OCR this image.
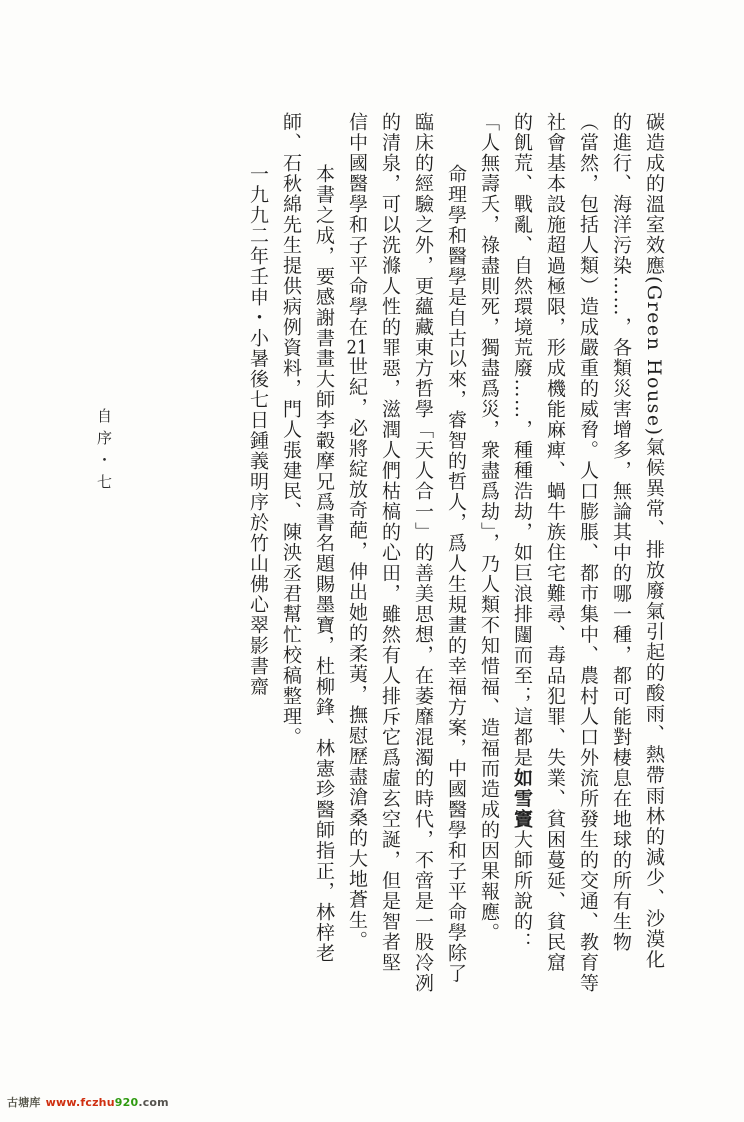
碳造成的溫室效應(Green House)氣候異常、排放廢氣引起的酸雨、熱帶雨林的減少、沙漠化

的進行、海洋污染……，各類災害增多，無論其中的哪一種，都可能對棲息在地球的所有生物

（當然，包括人類）造成嚴重的威脅。人口膨脹、都市集中、農村人口外流所發生的交通、教育等

社會基本設施超過極限，形成機能麻痺、蝸牛族住宅難尋、毒品犯罪、失業、貧困蔓延、貧民窟

的飢荒、戰亂、自然環境荒廢……，種種浩劫，如巨浪排闥而至；這都是如雪竇大師所說的：

「人無壽夭，祿盡則死，獨盡爲災，衆盡爲劫」，乃人類不知惜福、造福而造成的因果報應。

命理學和醫學是自古以來，睿智的哲人，爲人生規畫的幸福方案，中國醫學和子平命學除了

臨床的經驗之外，更蘊藏東方哲學「天人合一」的善美思想，在萎靡混濁的時代，不啻是一股冷冽

的清泉，可以洗滌人性的罪惡，滋潤人們枯槁的心田，雖然有人排斥它爲虛玄空誕，但是智者堅

信中國醫學和子平命學在21世紀，必將綻放奇葩，伸出她的柔荑，撫慰歷盡滄桑的大地蒼生。

本書之成，要感謝書畫大師李轂摩兄爲書名題賜墨寶，杜柳鋒、林憲珍醫師指正，林梓老

師、石秋綿先生提供病例資料，門人張建民、陳泱丞君幫忙校稿整理。

一九九二年壬申・小暑後七日鍾義明序於竹山佛心翠影書齋

自序・七
古塘库 www.fczhu920.com
